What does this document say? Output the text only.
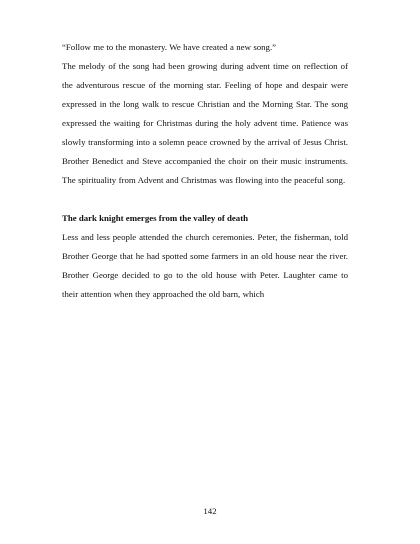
“Follow me to the monastery. We have created a new song.”

The melody of the song had been growing during advent time on reflection of the adventurous rescue of the morning star. Feeling of hope and despair were expressed in the long walk to rescue Christian and the Morning Star. The song expressed the waiting for Christmas during the holy advent time. Patience was slowly transforming into a solemn peace crowned by the arrival of Jesus Christ. Brother Benedict and Steve accompanied the choir on their music instruments. The spirituality from Advent and Christmas was flowing into the peaceful song.

The dark knight emerges from the valley of death

Less and less people attended the church ceremonies. Peter, the fisherman, told Brother George that he had spotted some farmers in an old house near the river. Brother George decided to go to the old house with Peter. Laughter came to their attention when they approached the old barn, which

142
